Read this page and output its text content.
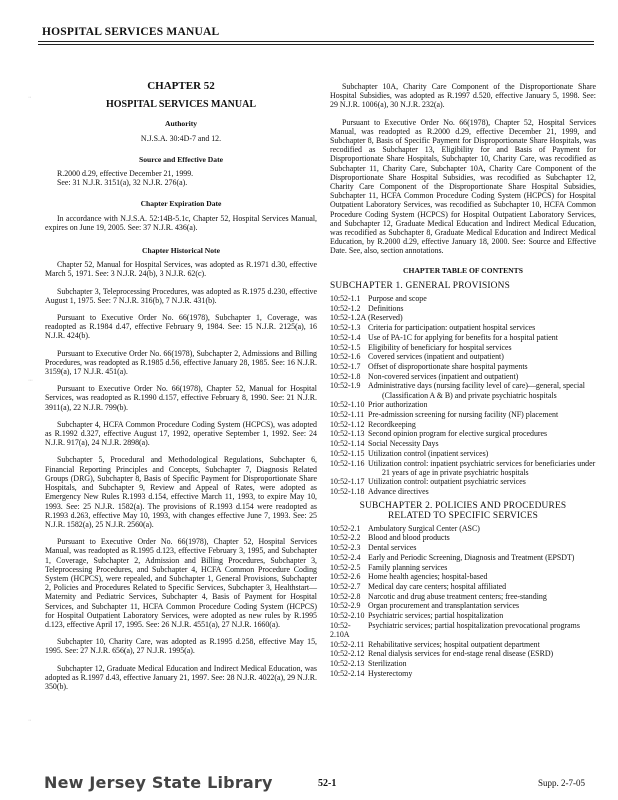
HOSPITAL SERVICES MANUAL
· ·
· · ·
· ·
CHAPTER 52
HOSPITAL SERVICES MANUAL
Authority
N.J.S.A. 30:4D-7 and 12.
Source and Effective Date
R.2000 d.29, effective December 21, 1999.
See: 31 N.J.R. 3151(a), 32 N.J.R. 276(a).
Chapter Expiration Date

In accordance with N.J.S.A. 52:14B-5.1c, Chapter 52, Hospital Services Manual, expires on June 19, 2005. See: 37 N.J.R. 436(a).

Chapter Historical Note

Chapter 52, Manual for Hospital Services, was adopted as R.1971 d.30, effective March 5, 1971. See: 3 N.J.R. 24(b), 3 N.J.R. 62(c).

Subchapter 3, Teleprocessing Procedures, was adopted as R.1975 d.230, effective August 1, 1975. See: 7 N.J.R. 316(b), 7 N.J.R. 431(b).

Pursuant to Executive Order No. 66(1978), Subchapter 1, Coverage, was readopted as R.1984 d.47, effective February 9, 1984. See: 15 N.J.R. 2125(a), 16 N.J.R. 424(b).

Pursuant to Executive Order No. 66(1978), Subchapter 2, Admissions and Billing Procedures, was readopted as R.1985 d.56, effective January 28, 1985. See: 16 N.J.R. 3159(a), 17 N.J.R. 451(a).

Pursuant to Executive Order No. 66(1978), Chapter 52, Manual for Hospital Services, was readopted as R.1990 d.157, effective February 8, 1990. See: 21 N.J.R. 3911(a), 22 N.J.R. 799(b).

Subchapter 4, HCFA Common Procedure Coding System (HCPCS), was adopted as R.1992 d.327, effective August 17, 1992, operative September 1, 1992. See: 24 N.J.R. 917(a), 24 N.J.R. 2898(a).

Subchapter 5, Procedural and Methodological Regulations, Subchapter 6, Financial Reporting Principles and Concepts, Subchapter 7, Diagnosis Related Groups (DRG), Subchapter 8, Basis of Specific Payment for Disproportionate Share Hospitals, and Subchapter 9, Review and Appeal of Rates, were adopted as Emergency New Rules R.1993 d.154, effective March 11, 1993, to expire May 10, 1993. See: 25 N.J.R. 1582(a). The provisions of R.1993 d.154 were readopted as R.1993 d.263, effective May 10, 1993, with changes effective June 7, 1993. See: 25 N.J.R. 1582(a), 25 N.J.R. 2560(a).

Pursuant to Executive Order No. 66(1978), Chapter 52, Hospital Services Manual, was readopted as R.1995 d.123, effective February 3, 1995, and Subchapter 1, Coverage, Subchapter 2, Admission and Billing Procedures, Subchapter 3, Teleprocessing Procedures, and Subchapter 4, HCFA Common Procedure Coding System (HCPCS), were repealed, and Subchapter 1, General Provisions, Subchapter 2, Policies and Procedures Related to Specific Services, Subchapter 3, Healthstart—Maternity and Pediatric Services, Subchapter 4, Basis of Payment for Hospital Services, and Subchapter 11, HCFA Common Procedure Coding System (HCPCS) for Hospital Outpatient Laboratory Services, were adopted as new rules by R.1995 d.123, effective April 17, 1995. See: 26 N.J.R. 4551(a), 27 N.J.R. 1660(a).

Subchapter 10, Charity Care, was adopted as R.1995 d.258, effective May 15, 1995. See: 27 N.J.R. 656(a), 27 N.J.R. 1995(a).

Subchapter 12, Graduate Medical Education and Indirect Medical Education, was adopted as R.1997 d.43, effective January 21, 1997. See: 28 N.J.R. 4022(a), 29 N.J.R. 350(b).

Subchapter 10A, Charity Care Component of the Disproportionate Share Hospital Subsidies, was adopted as R.1997 d.520, effective January 5, 1998. See: 29 N.J.R. 1006(a), 30 N.J.R. 232(a).

Pursuant to Executive Order No. 66(1978), Chapter 52, Hospital Services Manual, was readopted as R.2000 d.29, effective December 21, 1999, and Subchapter 8, Basis of Specific Payment for Disproportionate Share Hospitals, was recodified as Subchapter 13, Eligibility for and Basis of Payment for Disproportionate Share Hospitals, Subchapter 10, Charity Care, was recodified as Subchapter 11, Charity Care, Subchapter 10A, Charity Care Component of the Disproportionate Share Hospital Subsidies, was recodified as Subchapter 12, Charity Care Component of the Disproportionate Share Hospital Subsidies, Subchapter 11, HCFA Common Procedure Coding System (HCPCS) for Hospital Outpatient Laboratory Services, was recodified as Subchapter 10, HCFA Common Procedure Coding System (HCPCS) for Hospital Outpatient Laboratory Services, and Subchapter 12, Graduate Medical Education and Indirect Medical Education, was recodified as Subchapter 8, Graduate Medical Education and Indirect Medical Education, by R.2000 d.29, effective January 18, 2000. See: Source and Effective Date. See, also, section annotations.

CHAPTER TABLE OF CONTENTS
SUBCHAPTER 1. GENERAL PROVISIONS
10:52-1.1 Purpose and scope
10:52-1.2 Definitions
10:52-1.2A (Reserved)
10:52-1.3 Criteria for participation: outpatient hospital services
10:52-1.4 Use of PA-1C for applying for benefits for a hospital patient
10:52-1.5 Eligibility of beneficiary for hospital services
10:52-1.6 Covered services (inpatient and outpatient)
10:52-1.7 Offset of disproportionate share hospital payments
10:52-1.8 Non-covered services (inpatient and outpatient)
10:52-1.9 Administrative days (nursing facility level of care)—general, special (Classification A & B) and private psychiatric hospitals
10:52-1.10 Prior authorization
10:52-1.11 Pre-admission screening for nursing facility (NF) placement
10:52-1.12 Recordkeeping
10:52-1.13 Second opinion program for elective surgical procedures
10:52-1.14 Social Necessity Days
10:52-1.15 Utilization control (inpatient services)
10:52-1.16 Utilization control: inpatient psychiatric services for beneficiaries under 21 years of age in private psychiatric hospitals
10:52-1.17 Utilization control: outpatient psychiatric services
10:52-1.18 Advance directives
SUBCHAPTER 2. POLICIES AND PROCEDURES
RELATED TO SPECIFIC SERVICES
10:52-2.1 Ambulatory Surgical Center (ASC)
10:52-2.2 Blood and blood products
10:52-2.3 Dental services
10:52-2.4 Early and Periodic Screening, Diagnosis and Treatment (EPSDT)
10:52-2.5 Family planning services
10:52-2.6 Home health agencies; hospital-based
10:52-2.7 Medical day care centers; hospital affiliated
10:52-2.8 Narcotic and drug abuse treatment centers; free-standing
10:52-2.9 Organ procurement and transplantation services
10:52-2.10 Psychiatric services; partial hospitalization
10:52-2.10A
Psychiatric services; partial hospitalization prevocational programs
10:52-2.11 Rehabilitative services; hospital outpatient department
10:52-2.12 Renal dialysis services for end-stage renal disease (ESRD)
10:52-2.13 Sterilization
10:52-2.14 Hysterectomy
New Jersey State Library	52-1	Supp. 2-7-05
